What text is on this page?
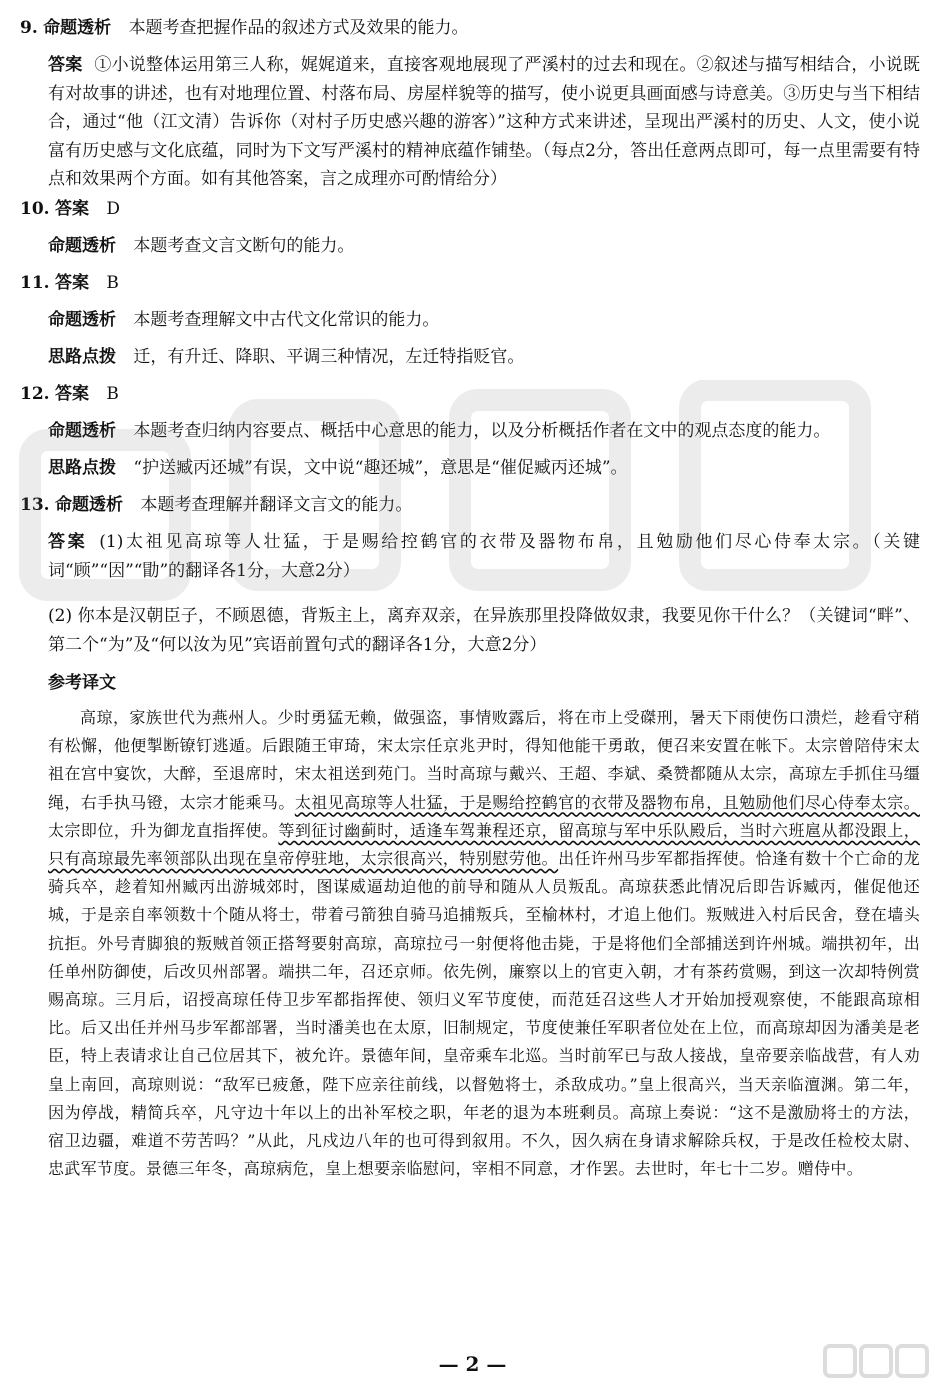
9. 命题透析 本题考查把握作品的叙述方式及效果的能力。
答案 ①小说整体运用第三人称，娓娓道来，直接客观地展现了严溪村的过去和现在。②叙述与描写相结合，小说既有对故事的讲述，也有对地理位置、村落布局、房屋样貌等的描写，使小说更具画面感与诗意美。③历史与当下相结合，通过“他（江文清）告诉你（对村子历史感兴趣的游客）”这种方式来讲述，呈现出严溪村的历史、人文，使小说富有历史感与文化底蕴，同时为下文写严溪村的精神底蕴作铺垫。（每点2分，答出任意两点即可，每一点里需要有特点和效果两个方面。如有其他答案，言之成理亦可酌情给分）
10. 答案 D
命题透析 本题考查文言文断句的能力。
11. 答案 B
命题透析 本题考查理解文中古代文化常识的能力。
思路点拨 迁，有升迁、降职、平调三种情况，左迁特指贬官。
12. 答案 B
命题透析 本题考查归纳内容要点、概括中心意思的能力，以及分析概括作者在文中的观点态度的能力。
思路点拨 “护送臧丙还城”有误，文中说“趣还城”，意思是“催促臧丙还城”。
13. 命题透析 本题考查理解并翻译文言文的能力。
答案 (1)太祖见高琼等人壮猛，于是赐给控鹤官的衣带及器物布帛，且勉励他们尽心侍奉太宗。（关键词“顾”“因”“勖”的翻译各1分，大意2分）
(2) 你本是汉朝臣子，不顾恩德，背叛主上，离弃双亲，在异族那里投降做奴隶，我要见你干什么？（关键词“畔”、第二个“为”及“何以汝为见”宾语前置句式的翻译各1分，大意2分）
参考译文
高琼，家族世代为燕州人。少时勇猛无赖，做强盗，事情败露后，将在市上受磔刑，暑天下雨使伤口溃烂，趁看守稍有松懈，他便掣断镣钉逃遁。后跟随王审琦，宋太宗任京兆尹时，得知他能干勇敢，便召来安置在帐下。太宗曾陪侍宋太祖在宫中宴饮，大醉，至退席时，宋太祖送到苑门。当时高琼与戴兴、王超、李斌、桑赞都随从太宗，高琼左手抓住马缰绳，右手执马镫，太宗才能乘马。太祖见高琼等人壮猛，于是赐给控鹤官的衣带及器物布帛，且勉励他们尽心侍奉太宗。太宗即位，升为御龙直指挥使。等到征讨幽蓟时，适逢车驾兼程还京，留高琼与军中乐队殿后，当时六班扈从都没跟上，只有高琼最先率领部队出现在皇帝停驻地，太宗很高兴，特别慰劳他。出任许州马步军都指挥使。恰逢有数十个亡命的龙骑兵卒，趁着知州臧丙出游城郊时，图谋威逼劫迫他的前导和随从人员叛乱。高琼获悉此情况后即告诉臧丙，催促他还城，于是亲自率领数十个随从将士，带着弓箭独自骑马追捕叛兵，至榆林村，才追上他们。叛贼进入村后民舍，登在墙头抗拒。外号青脚狼的叛贼首领正搭弩要射高琼，高琼拉弓一射便将他击毙，于是将他们全部捕送到许州城。端拱初年，出任单州防御使，后改贝州部署。端拱二年，召还京师。依先例，廉察以上的官吏入朝，才有茶药赏赐，到这一次却特例赏赐高琼。三月后，诏授高琼任侍卫步军都指挥使、领归义军节度使，而范廷召这些人才开始加授观察使，不能跟高琼相比。后又出任并州马步军都部署，当时潘美也在太原，旧制规定，节度使兼任军职者位处在上位，而高琼却因为潘美是老臣，特上表请求让自己位居其下，被允许。景德年间，皇帝乘车北巡。当时前军已与敌人接战，皇帝要亲临战营，有人劝皇上南回，高琼则说：“敌军已疲惫，陛下应亲往前线，以督勉将士，杀敌成功。”皇上很高兴，当天亲临澶渊。第二年，因为停战，精简兵卒，凡守边十年以上的出补军校之职，年老的退为本班剩员。高琼上奏说：“这不是激励将士的方法，宿卫边疆，难道不劳苦吗？”从此，凡戍边八年的也可得到叙用。不久，因久病在身请求解除兵权，于是改任检校太尉、忠武军节度。景德三年冬，高琼病危，皇上想要亲临慰问，宰相不同意，才作罢。去世时，年七十二岁。赠侍中。
— 2 —
